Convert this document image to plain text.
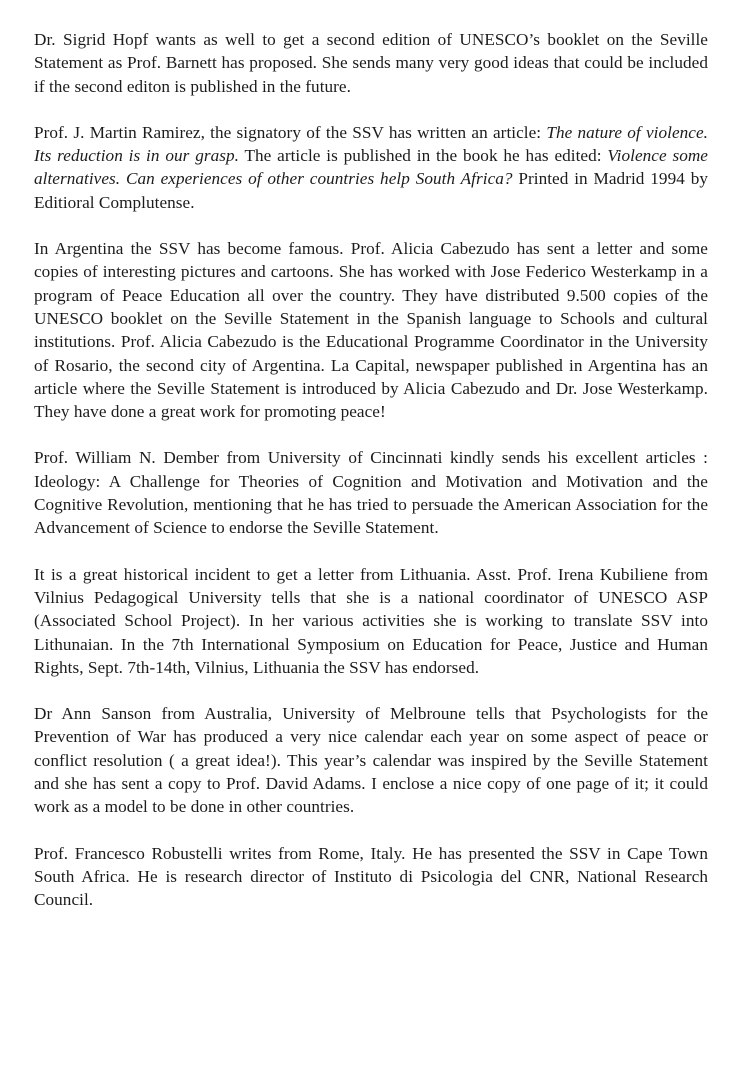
Dr. Sigrid Hopf wants as well to get a second edition of UNESCO’s booklet on the Seville Statement as Prof. Barnett has proposed. She sends many very good ideas that could be included if the second editon is published in the future.

Prof. J. Martin Ramirez, the signatory of the SSV has written an article: The nature of violence. Its reduction is in our grasp. The article is published in the book he has edited: Violence some alternatives. Can experiences of other countries help South Africa? Printed in Madrid 1994 by Editioral Complutense.

In Argentina the SSV has become famous. Prof. Alicia Cabezudo has sent a letter and some copies of interesting pictures and cartoons. She has worked with Jose Federico Westerkamp in a program of Peace Education all over the country. They have distributed 9.500 copies of the UNESCO booklet on the Seville Statement in the Spanish language to Schools and cultural institutions. Prof. Alicia Cabezudo is the Educational Programme Coordinator in the University of Rosario, the second city of Argentina. La Capital, newspaper published in Argentina has an article where the Seville Statement is introduced by Alicia Cabezudo and Dr. Jose Westerkamp. They have done a great work for promoting peace!

Prof. William N. Dember from University of Cincinnati kindly sends his excellent articles : Ideology: A Challenge for Theories of Cognition and Motivation and Motivation and the Cognitive Revolution, mentioning that he has tried to persuade the American Association for the Advancement of Science to endorse the Seville Statement.

It is a great historical incident to get a letter from Lithuania. Asst. Prof. Irena Kubiliene from Vilnius Pedagogical University tells that she is a national coordinator of UNESCO ASP (Associated School Project). In her various activities she is working to translate SSV into Lithunaian. In the 7th International Symposium on Education for Peace, Justice and Human Rights, Sept. 7th-14th, Vilnius, Lithuania the SSV has endorsed.

Dr Ann Sanson from Australia, University of Melbroune tells that Psychologists for the Prevention of War has produced a very nice calendar each year on some aspect of peace or conflict resolution ( a great idea!). This year’s calendar was inspired by the Seville Statement and she has sent a copy to Prof. David Adams. I enclose a nice copy of one page of it; it could work as a model to be done in other countries.

Prof. Francesco Robustelli writes from Rome, Italy. He has presented the SSV in Cape Town South Africa. He is research director of Instituto di Psicologia del CNR, National Research Council.
